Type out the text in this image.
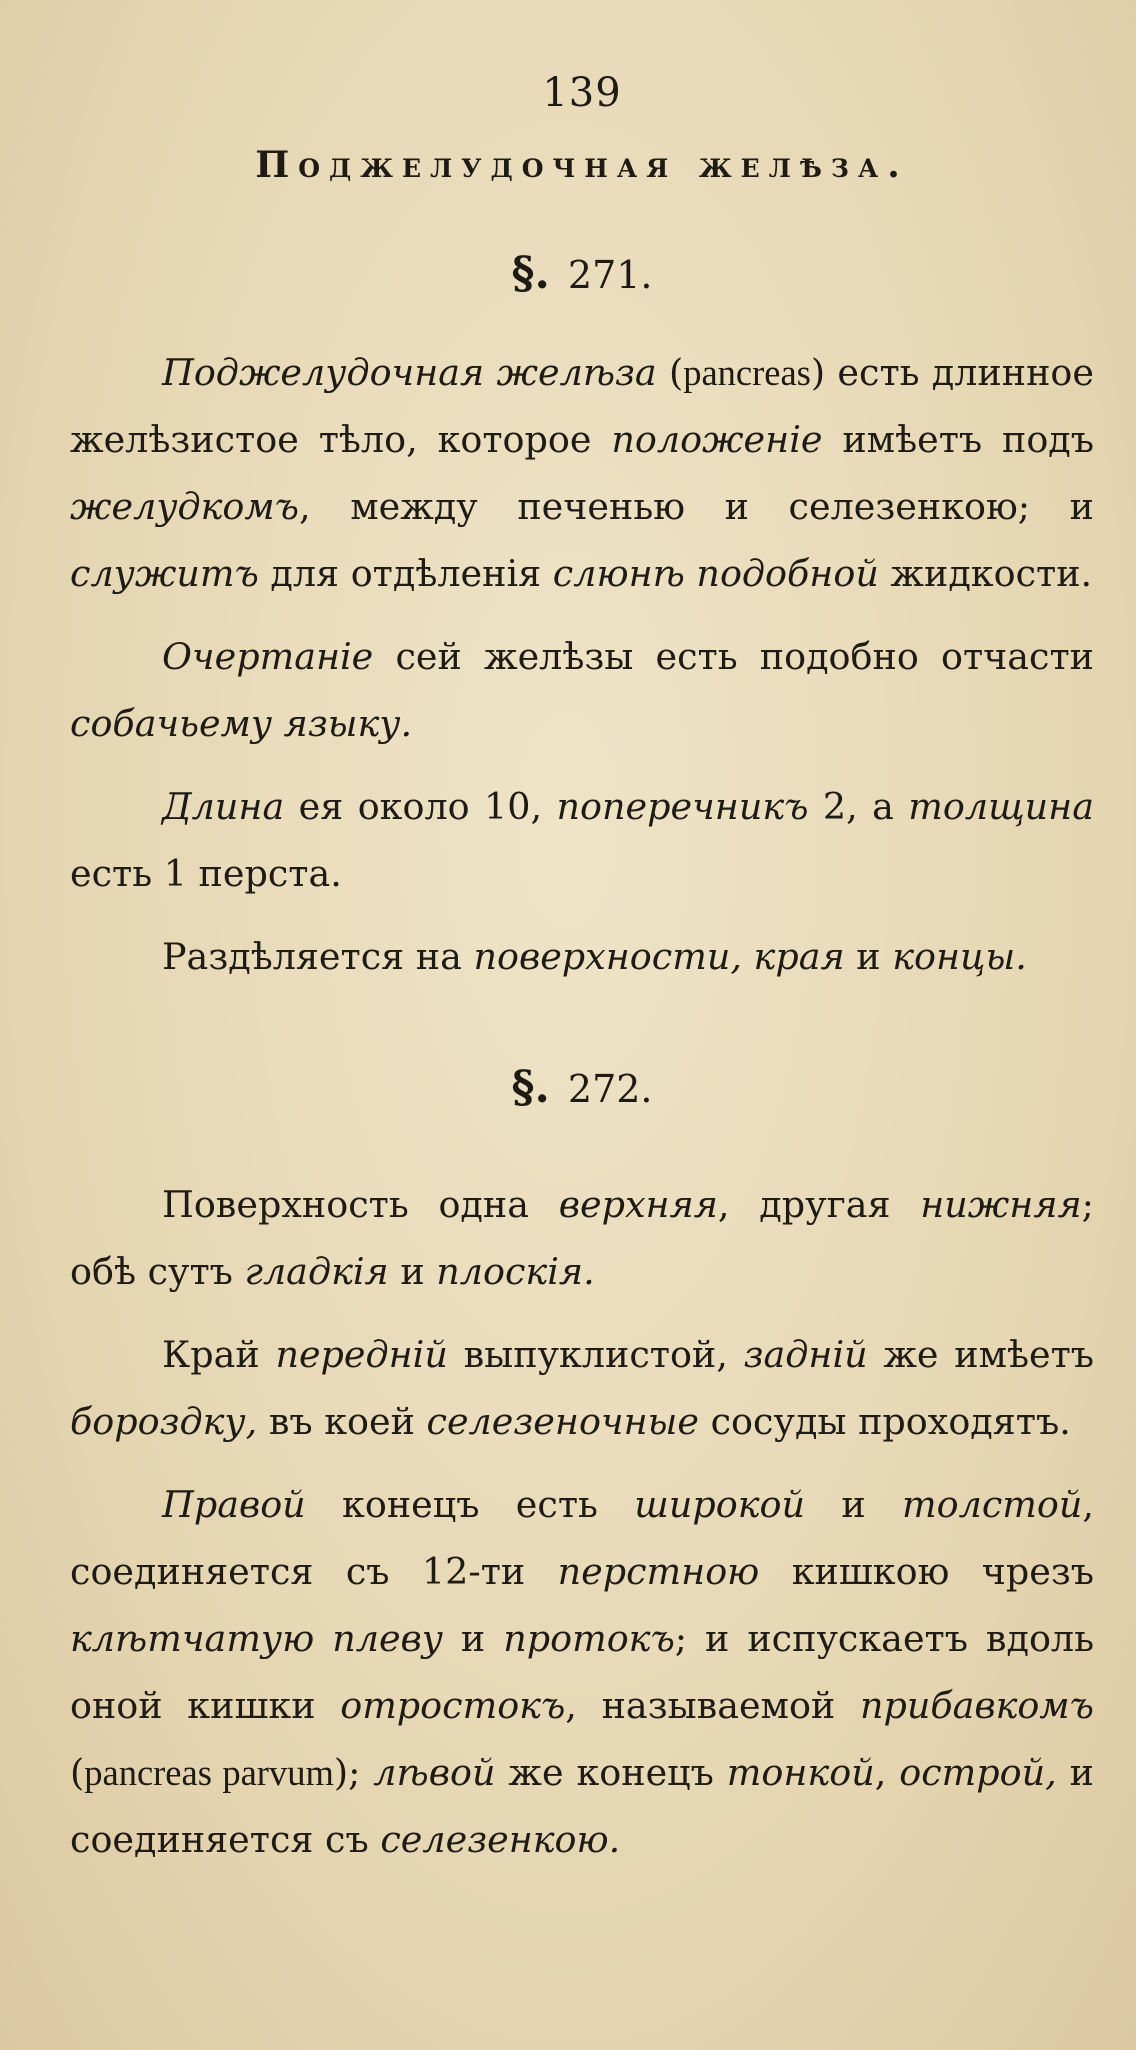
139
Поджелудочная желѣза.
§. 271.

Поджелудочная желѣза (pancreas) есть длинное желѣзистое тѣло, которое положеніе имѣетъ подъ желудкомъ, между печенью и селезенкою; и служитъ для отдѣленія слюнѣ подобной жидкости.

Очертаніе сей желѣзы есть подобно отчасти собачьему языку.

Длина ея около 10, поперечникъ 2, а толщина есть 1 перста.

Раздѣляется на поверхности, края и концы.

§. 272.

Поверхность одна верхняя, другая нижняя; обѣ сутъ гладкія и плоскія.

Край передній выпуклистой, задній же имѣетъ бороздку, въ коей селезеночные сосуды проходятъ.

Правой конецъ есть широкой и толстой, соединяется съ 12-ти перстною кишкою чрезъ клѣтчатую плеву и протокъ; и испускаетъ вдоль оной кишки отростокъ, называемой прибавкомъ (pancreas parvum); лѣвой же конецъ тонкой, острой, и соединяется съ селезенкою.
